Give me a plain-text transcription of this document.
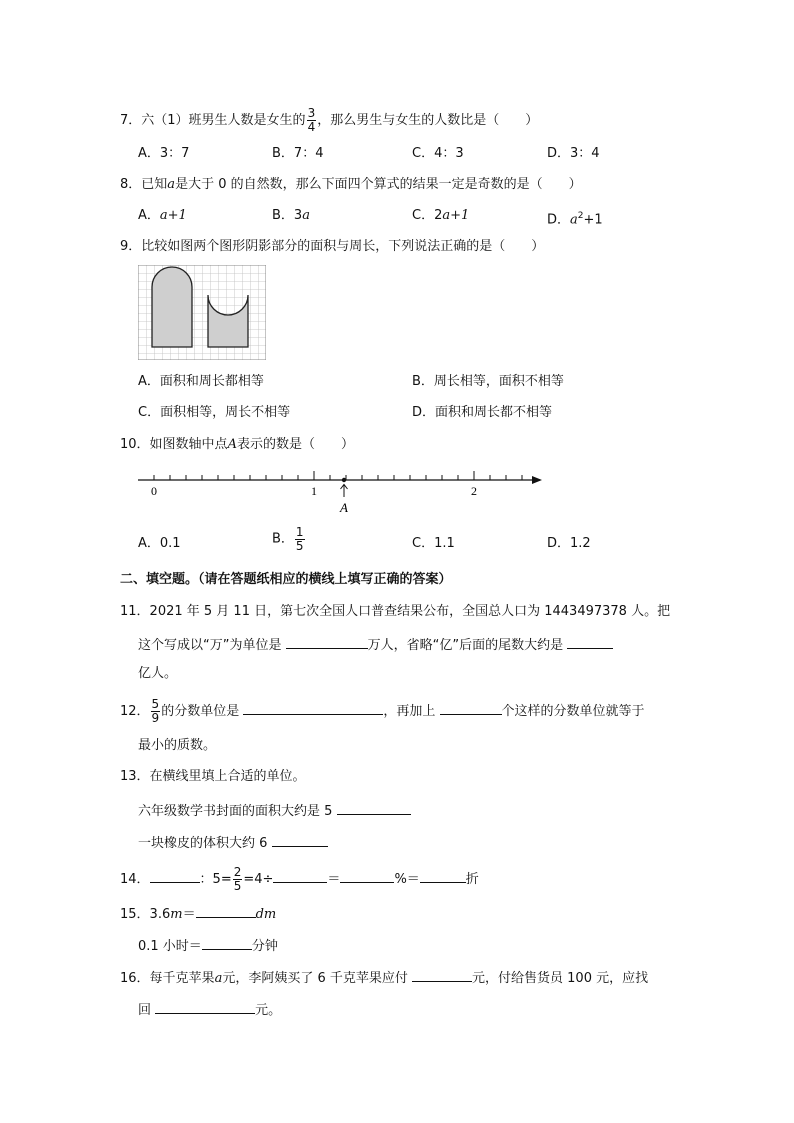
7．六（1）班男生人数是女生的 $\frac{3}{4}$ ，那么男生与女生的人数比是（　　）
A．3：7	B．7：4	C．4：3	D．3：4
8．已知a是大于 0 的自然数，那么下面四个算式的结果一定是奇数的是（　　）
A．a+1	B．3a	C．2a+1	D．$a^2+1$
9．比较如图两个图形阴影部分的面积与周长，下列说法正确的是（　　）
A．面积和周长都相等	B．周长相等，面积不相等
C．面积相等，周长不相等	D．面积和周长都不相等
10．如图数轴中点A表示的数是（　　）
0	1	2
A
A．0.1	B． $\frac{1}{5}$	C．1.1	D．1.2
二、填空题。（请在答题纸相应的横线上填写正确的答案）
11．2021 年 5 月 11 日，第七次全国人口普查结果公布，全国总人口为 1443497378 人。把
这个写成以“万”为单位是	万人，省略“亿”后面的尾数大约是
亿人。
12． $\frac{5}{9}$ 的分数单位是	，再加上	个这样的分数单位就等于
最小的质数。
13．在横线里填上合适的单位。
六年级数学书封面的面积大约是 5
一块橡皮的体积大约 6
14．	：$5= \frac{2}{5} =4\div$	＝	%＝	折
15．3.6m＝	dm
0.1 小时＝	分钟
16．每千克苹果a元，李阿姨买了 6 千克苹果应付	元，付给售货员 100 元，应找
回	元。
